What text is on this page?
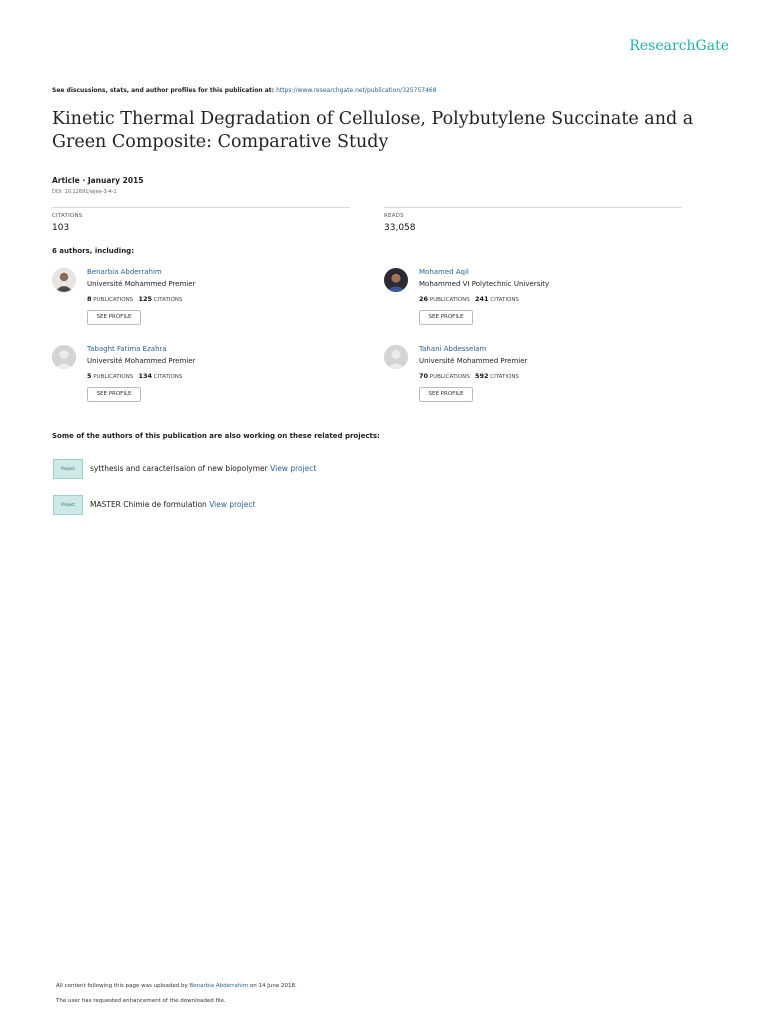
ResearchGate
See discussions, stats, and author profiles for this publication at: https://www.researchgate.net/publication/325757468
Kinetic Thermal Degradation of Cellulose, Polybutylene Succinate and a Green Composite: Comparative Study
Article · January 2015
DOI: 10.12691/wjee-3-4-1
CITATIONS
103
READS
33,058
6 authors, including:
Benarbia Abderrahim
Université Mohammed Premier
8 PUBLICATIONS 125 CITATIONS
SEE PROFILE
Mohamed Aqil
Mohammed VI Polytechnic University
26 PUBLICATIONS 241 CITATIONS
SEE PROFILE
Tabaght Fatima Ezahra
Université Mohammed Premier
5 PUBLICATIONS 134 CITATIONS
SEE PROFILE
Tahani Abdesselam
Université Mohammed Premier
70 PUBLICATIONS 592 CITATIONS
SEE PROFILE
Some of the authors of this publication are also working on these related projects:
Project	sytthesis and caracterisaion of new biopolymer View project
Project	MASTER Chimie de formulation View project
All content following this page was uploaded by Benarbia Abderrahim on 14 June 2018.
The user has requested enhancement of the downloaded file.
